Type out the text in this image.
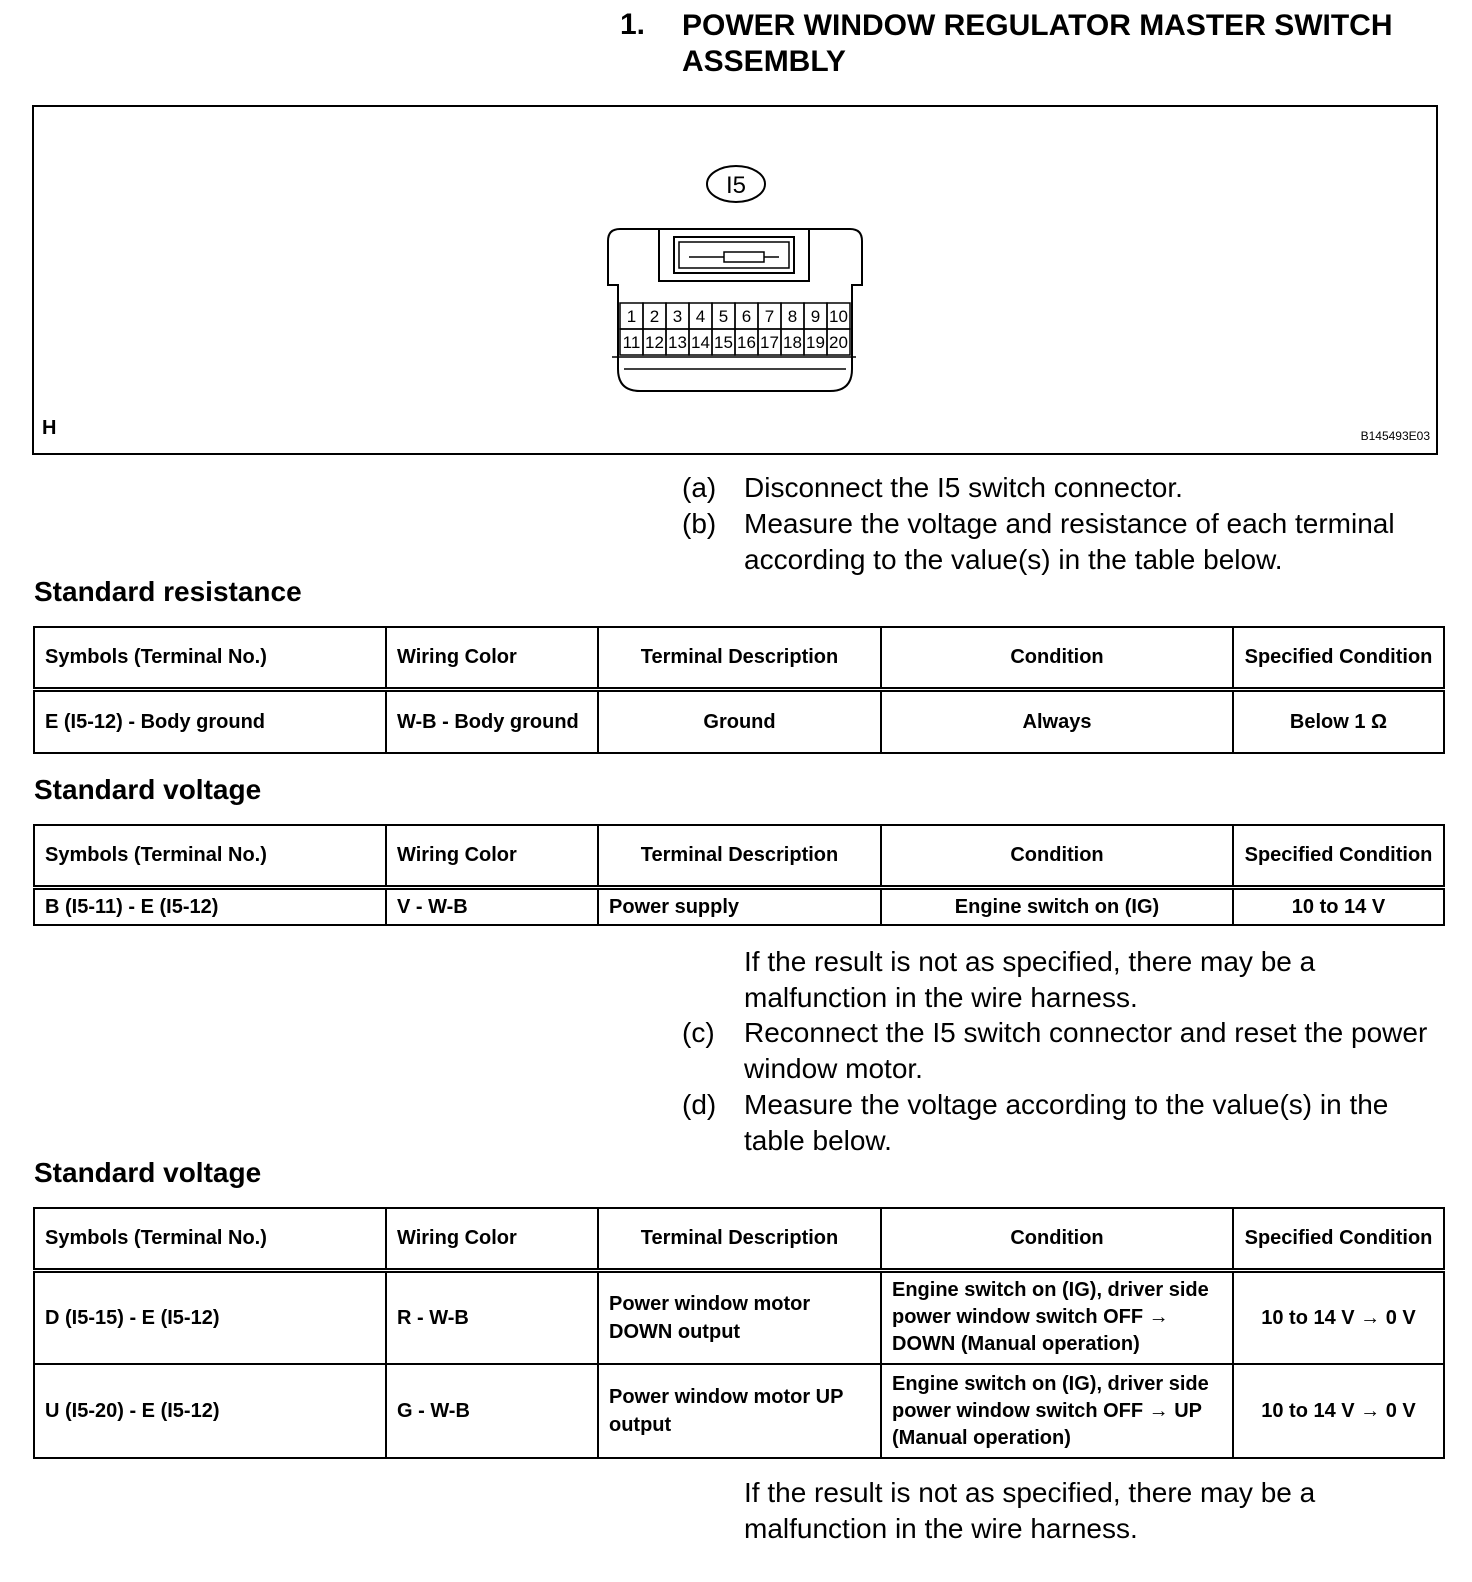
1. POWER WINDOW REGULATOR MASTER SWITCH ASSEMBLY
I5
1 2 3 4 5 6 7 8 9 10
11 12 13 14 15 16 17 18 19 20
H	B145493E03
(a) Disconnect the I5 switch connector.
(b) Measure the voltage and resistance of each terminal according to the value(s) in the table below.
Standard resistance
Symbols (Terminal No.)	Wiring Color	Terminal Description	Condition	Specified Condition
E (I5-12) - Body ground	W-B - Body ground	Ground	Always	Below 1 Ω
Standard voltage
Symbols (Terminal No.)	Wiring Color	Terminal Description	Condition	Specified Condition
B (I5-11) - E (I5-12)	V - W-B	Power supply	Engine switch on (IG)	10 to 14 V
If the result is not as specified, there may be a malfunction in the wire harness.
(c) Reconnect the I5 switch connector and reset the power window motor.
(d) Measure the voltage according to the value(s) in the table below.
Standard voltage
Symbols (Terminal No.)	Wiring Color	Terminal Description	Condition	Specified Condition
D (I5-15) - E (I5-12)	R - W-B	Power window motor DOWN output	Engine switch on (IG), driver side power window switch OFF → DOWN (Manual operation)	10 to 14 V → 0 V
U (I5-20) - E (I5-12)	G - W-B	Power window motor UP output	Engine switch on (IG), driver side power window switch OFF → UP (Manual operation)	10 to 14 V → 0 V
If the result is not as specified, there may be a malfunction in the wire harness.
